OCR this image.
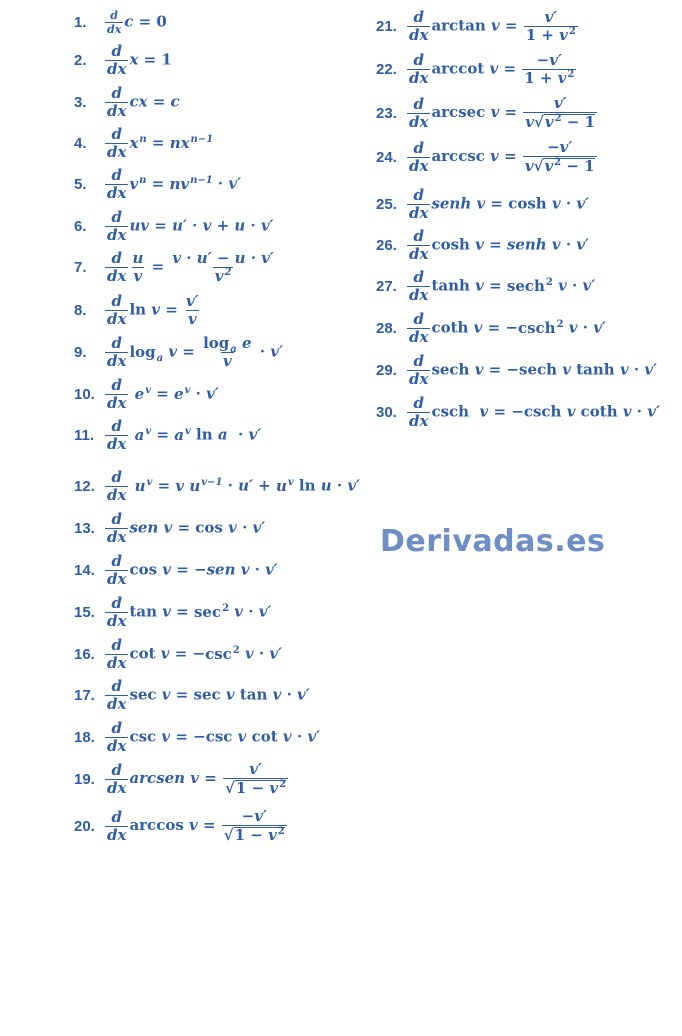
1.	$\frac{d}{dx}$ c = 0
2.	$\frac{d}{dx}$ x = 1
3.	$\frac{d}{dx}$ cx = c
4.	$\frac{d}{dx} x^n = nx^{n-1}$
5.	$\frac{d}{dx} v^n = nv^{n-1} \cdot v'$
6.	$\frac{d}{dx}$ uv = u′ · v + u · v′
7.	$\frac{d}{dx} \frac{u}{v} = \frac{v \cdot u' - u \cdot v'}{v^2}$
8.	$\frac{d}{dx}$ $\ln v = \frac{v'}{v}$
9.	$\frac{d}{dx} \log_a v = \frac{\log_a e}{v} \cdot v'$
10. $\frac{d}{dx} e^v = e^v \cdot v'$
11. $\frac{d}{dx} a^v = a^v$ ln a  · v′
12. $\frac{d}{dx} u^v = v$ $u^{v-1} \cdot u' + u^v$ ln u · v′
13. $\frac{d}{dx}$ sen v = cos v · v′
14. $\frac{d}{dx}$ cos v = −sen v · v′
15. $\frac{d}{dx}$ $\tan v = \sec^2 v \cdot v'$
16. $\frac{d}{dx}$ $\cot v = -\csc^2$ v · v′
17. $\frac{d}{dx}$ sec v = sec v tan v · v′
18. $\frac{d}{dx}$ csc v = −csc v cot v · v′
19. $\frac{d}{dx}$ arcsen $v = \frac{v'}{√1 - v^2}$
20. $\frac{d}{dx}$ $\arccos v = \frac{-v'}{√1 - v^2}$
21. $\frac{d}{dx}$ $\arctan v = \frac{v'}{1 + v^2}$
22. $\frac{d}{dx}$ arccot $v = \frac{-v'}{1 + v^2}$
23. $\frac{d}{dx}$ arcsec $v = \frac{v'}{v√v^2 - 1}$
24. $\frac{d}{dx}$ arccsc $v = \frac{-v'}{v√v^2 - 1}$
25. $\frac{d}{dx}$ senh v = cosh v · v′
26. $\frac{d}{dx}$ cosh v = senh v · v′
27. $\frac{d}{dx}$ tanh v = sech$^2$ v · v′
28. $\frac{d}{dx}$ coth v = −csch$^2$ v · v′
29. $\frac{d}{dx}$ sech v = −sech v tanh v · v′
30. $\frac{d}{dx}$ csch v = −csch v coth v · v′
Derivadas.es
